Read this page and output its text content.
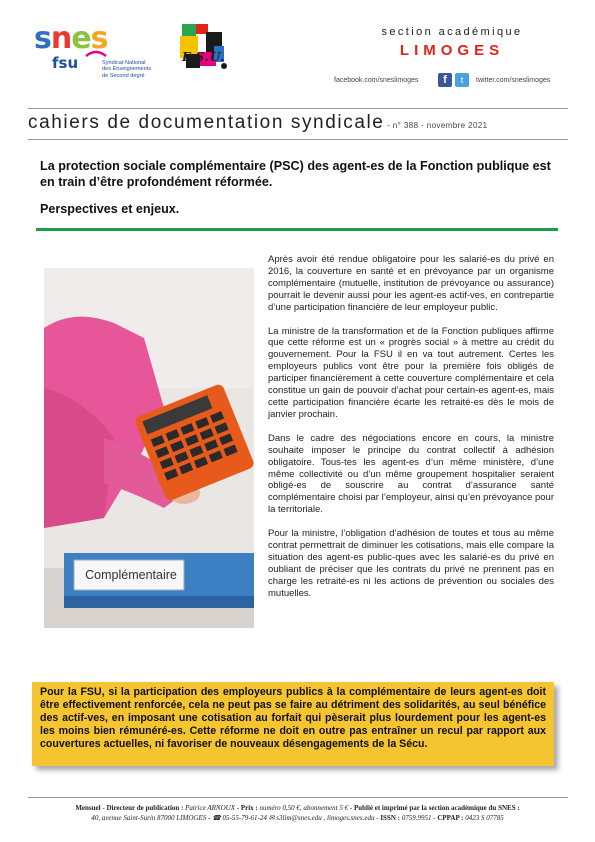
snes
fsu	Syndicat National
des Enseignements
de Second degré
F.S.U.
section académique
LIMOGES
facebook.com/sneslimoges	f	t	twitter.com/sneslimoges
cahiers de documentation syndicale - n° 388 - novembre 2021
La protection sociale complémentaire (PSC) des agent-es de la Fonction publique est en train d’être profondément réformée.
Perspectives et enjeux.
Complémentaire

Après avoir été rendue obligatoire pour les salarié-es du privé en 2016, la couverture en santé et en prévoyance par un organisme complémentaire (mutuelle, institution de prévoyance ou assurance) pourrait le devenir aussi pour les agent-es actif-ves, en contrepartie d’une participation financière de leur employeur public.

La ministre de la transformation et de la Fonction publiques affirme que cette réforme est un « progrès social » à mettre au crédit du gouvernement. Pour la FSU il en va tout autrement. Certes les employeurs publics vont être pour la première fois obligés de participer financièrement à cette couverture complémentaire et cela constitue un gain de pouvoir d’achat pour certain-es agent-es, mais cette participation financière écarte les retraité-es dès le mois de janvier prochain.

Dans le cadre des négociations encore en cours, la ministre souhaite imposer le principe du contrat collectif à adhésion obligatoire. Tous-tes les agent-es d’un même ministère, d’une même collectivité ou d’un même groupement hospitalier seraient obligé-es de souscrire au contrat d’assurance santé complémentaire choisi par l’employeur, ainsi qu’en prévoyance pour la territoriale.

Pour la ministre, l’obligation d’adhésion de toutes et tous au même contrat permettrait de diminuer les cotisations, mais elle compare la situation des agent-es public-ques avec les salarié-es du privé en oubliant de préciser que les contrats du privé ne prennent pas en charge les retraité-es ni les actions de prévention ou sociales des mutuelles.

Pour la FSU, si la participation des employeurs publics à la complémentaire de leurs agent-es doit être effectivement renforcée, cela ne peut pas se faire au détriment des solidarités, au seul bénéfice des actif-ves, en imposant une cotisation au forfait qui pèserait plus lourdement pour les agent-es les moins bien rémunéré-es. Cette réforme ne doit en outre pas entraîner un recul par rapport aux couvertures actuelles, ni favoriser de nouveaux désengagements de la Sécu.
Mensuel - Directeur de publication : Patrice ARNOUX - Prix : numéro 0,50 €, abonnement 5 € - Publié et imprimé par la section académique du SNES :
40, avenue Saint-Surin 87000 LIMOGES - ☎ 05-55-79-61-24 ✉ s3lim@snes.edu , limoges.snes.edu - ISSN : 0759.9951 - CPPAP : 0423 S 07785
